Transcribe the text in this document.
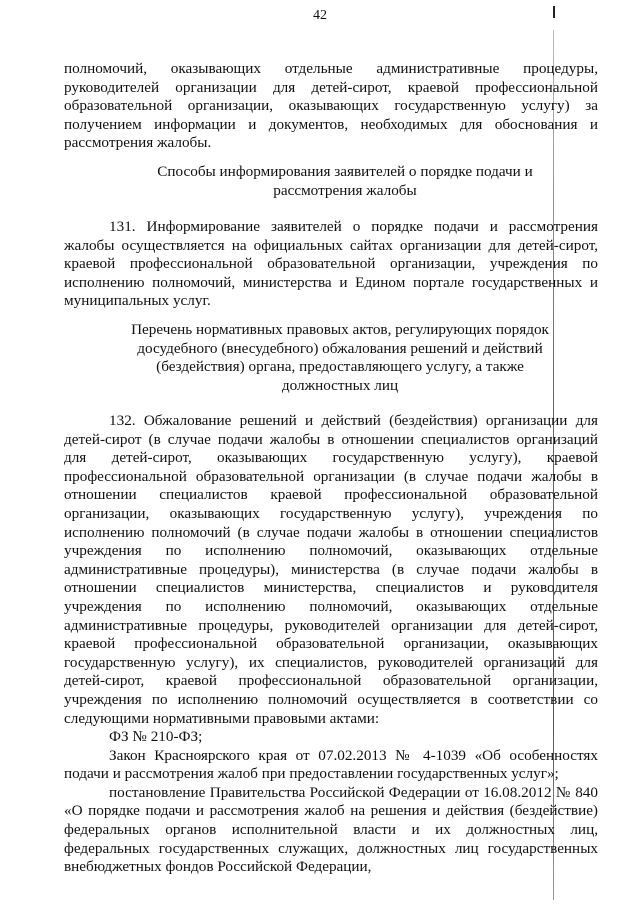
42

полномочий, оказывающих отдельные административные процедуры, руководителей организации для детей-сирот, краевой профессиональной образовательной организации, оказывающих государственную услугу) за получением информации и документов, необходимых для обоснования и рассмотрения жалобы.

Способы информирования заявителей о порядке подачи и рассмотрения жалобы

131. Информирование заявителей о порядке подачи и рассмотрения жалобы осуществляется на официальных сайтах организации для детей-сирот, краевой профессиональной образовательной организации, учреждения по исполнению полномочий, министерства и Едином портале государственных и муниципальных услуг.

Перечень нормативных правовых актов, регулирующих порядок досудебного (внесудебного) обжалования решений и действий (бездействия) органа, предоставляющего услугу, а также должностных лиц

132. Обжалование решений и действий (бездействия) организации для детей-сирот (в случае подачи жалобы в отношении специалистов организаций для детей-сирот, оказывающих государственную услугу), краевой профессиональной образовательной организации (в случае подачи жалобы в отношении специалистов краевой профессиональной образовательной организации, оказывающих государственную услугу), учреждения по исполнению полномочий (в случае подачи жалобы в отношении специалистов учреждения по исполнению полномочий, оказывающих отдельные административные процедуры), министерства (в случае подачи жалобы в отношении специалистов министерства, специалистов и руководителя учреждения по исполнению полномочий, оказывающих отдельные административные процедуры, руководителей организации для детей-сирот, краевой профессиональной образовательной организации, оказывающих государственную услугу), их специалистов, руководителей организаций для детей-сирот, краевой профессиональной образовательной организации, учреждения по исполнению полномочий осуществляется в соответствии со следующими нормативными правовыми актами:

ФЗ № 210-ФЗ;

Закон Красноярского края от 07.02.2013 № 4-1039 «Об особенностях подачи и рассмотрения жалоб при предоставлении государственных услуг»;

постановление Правительства Российской Федерации от 16.08.2012 № 840 «О порядке подачи и рассмотрения жалоб на решения и действия (бездействие) федеральных органов исполнительной власти и их должностных лиц, федеральных государственных служащих, должностных лиц государственных внебюджетных фондов Российской Федерации,
